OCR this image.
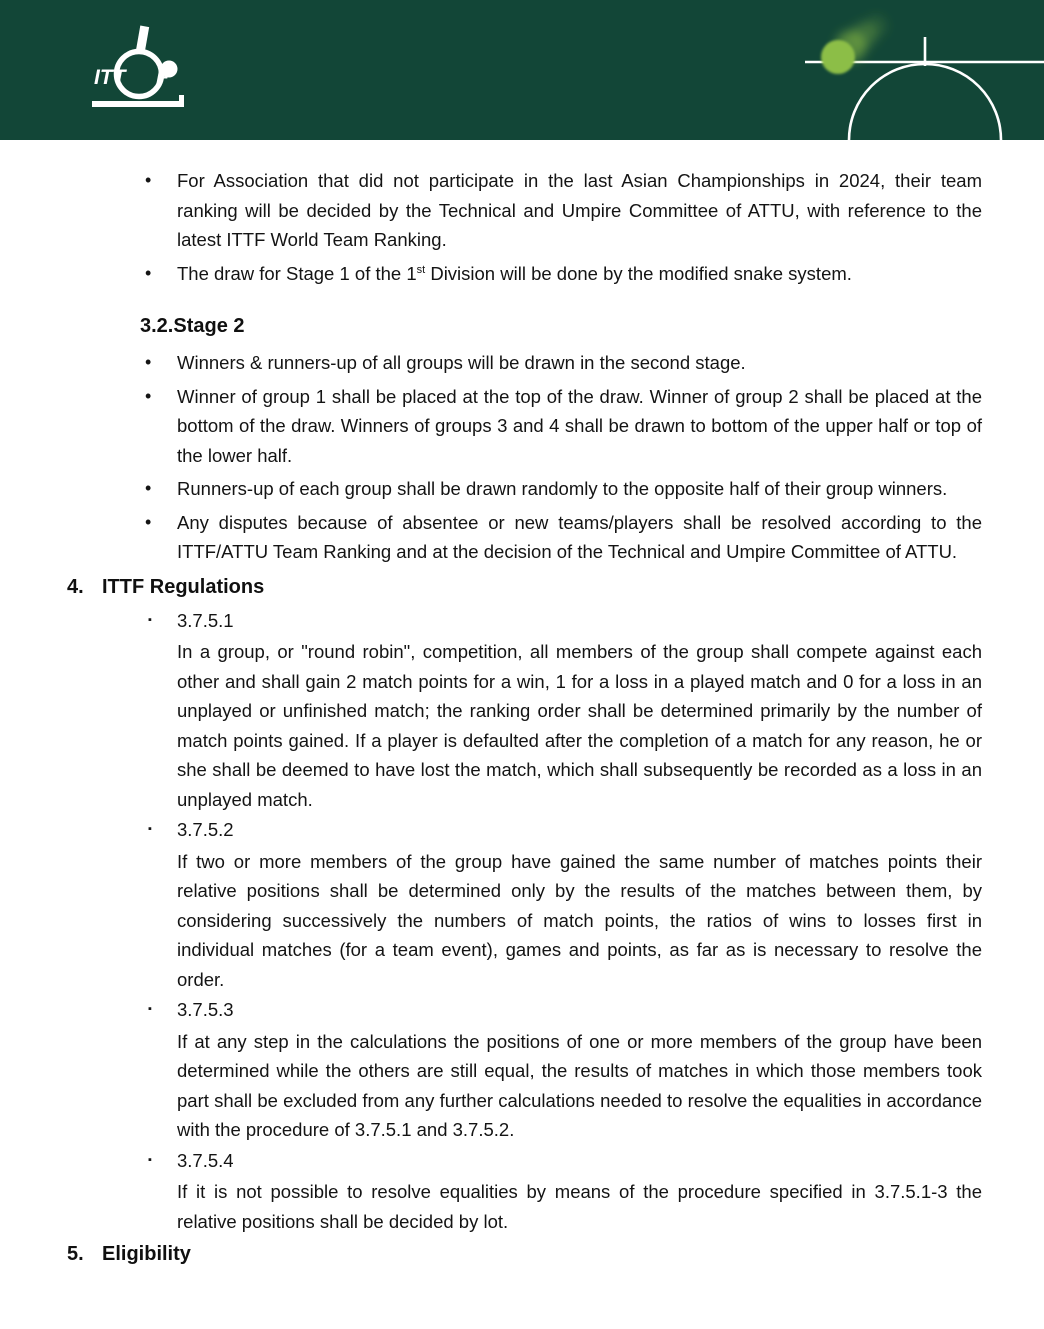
ITT F
•	For Association that did not participate in the last Asian Championships in 2024, their team ranking will be decided by the Technical and Umpire Committee of ATTU, with reference to the latest ITTF World Team Ranking.

•	The draw for Stage 1 of the 1st Division will be done by the modified snake system.

3.2.Stage 2
•	Winners & runners-up of all groups will be drawn in the second stage.

•	Winner of group 1 shall be placed at the top of the draw. Winner of group 2 shall be placed at the bottom of the draw. Winners of groups 3 and 4 shall be drawn to bottom of the upper half or top of the lower half.

•	Runners-up of each group shall be drawn randomly to the opposite half of their group winners.

•	Any disputes because of absentee or new teams/players shall be resolved according to the ITTF/ATTU Team Ranking and at the decision of the Technical and Umpire Committee of ATTU.

4. ITTF Regulations
▪	3.7.5.1

In a group, or "round robin", competition, all members of the group shall compete against each other and shall gain 2 match points for a win, 1 for a loss in a played match and 0 for a loss in an unplayed or unfinished match; the ranking order shall be determined primarily by the number of match points gained. If a player is defaulted after the completion of a match for any reason, he or she shall be deemed to have lost the match, which shall subsequently be recorded as a loss in an unplayed match.

▪	3.7.5.2

If two or more members of the group have gained the same number of matches points their relative positions shall be determined only by the results of the matches between them, by considering successively the numbers of match points, the ratios of wins to losses first in individual matches (for a team event), games and points, as far as is necessary to resolve the order.

▪	3.7.5.3

If at any step in the calculations the positions of one or more members of the group have been determined while the others are still equal, the results of matches in which those members took part shall be excluded from any further calculations needed to resolve the equalities in accordance with the procedure of 3.7.5.1 and 3.7.5.2.

▪	3.7.5.4

If it is not possible to resolve equalities by means of the procedure specified in 3.7.5.1-3 the relative positions shall be decided by lot.

5. Eligibility
